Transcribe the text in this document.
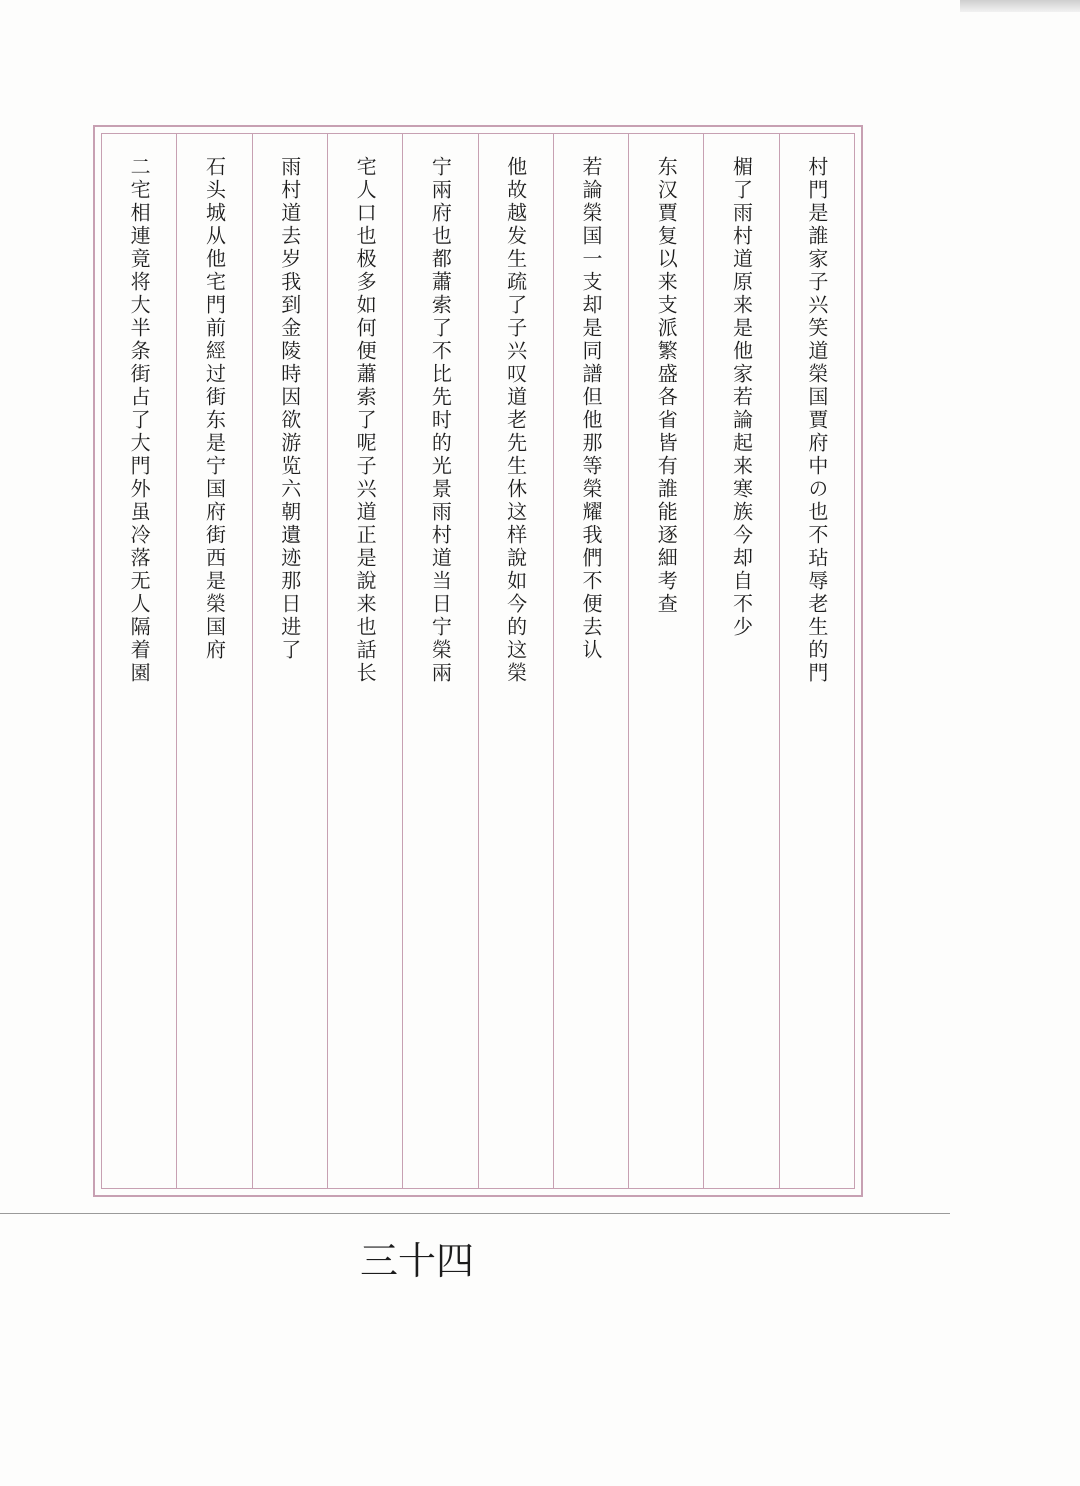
村門是誰家子兴笑道榮国賈府中の也不玷辱老生的門
楣了雨村道原来是他家若論起来寒族今却自不少
东汉賈复以来支派繁盛各省皆有誰能逐細考查
若論榮国一支却是同譜但他那等榮耀我們不便去认
他故越发生疏了子兴叹道老先生休这样說如今的这榮
宁兩府也都蕭索了不比先时的光景雨村道当日宁榮兩
宅人口也极多如何便蕭索了呢子兴道正是說来也話长
雨村道去岁我到金陵時因欲游览六朝遺迹那日进了
石头城从他宅門前經过街东是宁国府街西是榮国府
二宅相連竟将大半条街占了大門外虽冷落无人隔着園
三十四
